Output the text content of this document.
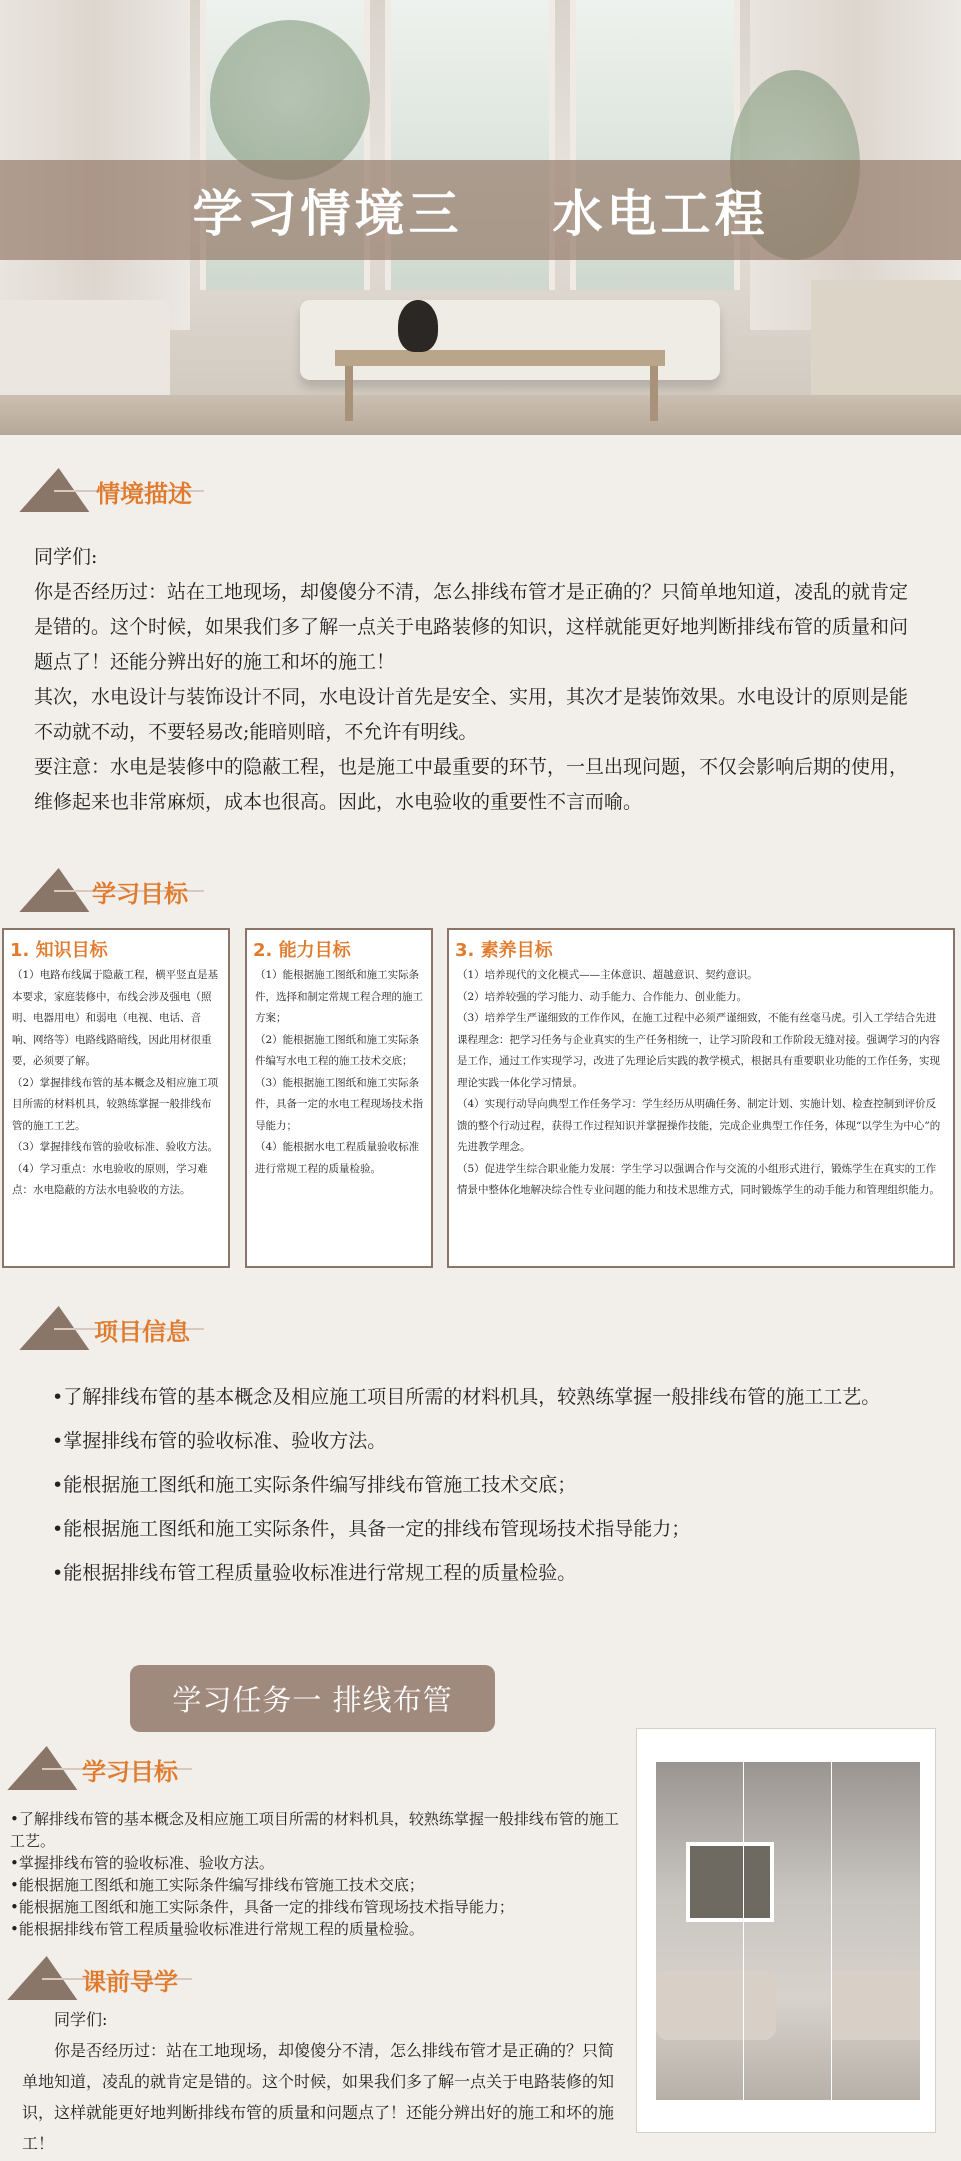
学习情境三 水电工程
情境描述

同学们:

你是否经历过：站在工地现场，却傻傻分不清，怎么排线布管才是正确的？只简单地知道，凌乱的就肯定是错的。这个时候，如果我们多了解一点关于电路装修的知识，这样就能更好地判断排线布管的质量和问题点了！还能分辨出好的施工和坏的施工！

其次，水电设计与装饰设计不同，水电设计首先是安全、实用，其次才是装饰效果。水电设计的原则是能不动就不动，不要轻易改;能暗则暗，不允许有明线。

要注意：水电是装修中的隐蔽工程，也是施工中最重要的环节，一旦出现问题，不仅会影响后期的使用，维修起来也非常麻烦，成本也很高。因此，水电验收的重要性不言而喻。

学习目标
1. 知识目标

（1）电路布线属于隐蔽工程，横平竖直是基本要求，家庭装修中，布线会涉及强电（照明、电器用电）和弱电（电视、电话、音响、网络等）电路线路暗线，因此用材很重要，必须要了解。

（2）掌握排线布管的基本概念及相应施工项目所需的材料机具，较熟练掌握一般排线布管的施工工艺。

（3）掌握排线布管的验收标准、验收方法。

（4）学习重点：水电验收的原则，学习难点：水电隐蔽的方法水电验收的方法。

2. 能力目标

（1）能根据施工图纸和施工实际条件，选择和制定常规工程合理的施工方案；

（2）能根据施工图纸和施工实际条件编写水电工程的施工技术交底；

（3）能根据施工图纸和施工实际条件，具备一定的水电工程现场技术指导能力；

（4）能根据水电工程质量验收标准进行常规工程的质量检验。

3. 素养目标

（1）培养现代的文化模式——主体意识、超越意识、契约意识。

（2）培养较强的学习能力、动手能力、合作能力、创业能力。

（3）培养学生严谨细致的工作作风，在施工过程中必须严谨细致，不能有丝毫马虎。引入工学结合先进课程理念：把学习任务与企业真实的生产任务相统一，让学习阶段和工作阶段无缝对接。强调学习的内容是工作，通过工作实现学习，改进了先理论后实践的教学模式，根据具有重要职业功能的工作任务，实现理论实践一体化学习情景。

（4）实现行动导向典型工作任务学习：学生经历从明确任务、制定计划、实施计划、检查控制到评价反馈的整个行动过程，获得工作过程知识并掌握操作技能，完成企业典型工作任务，体现“以学生为中心”的先进教学理念。

（5）促进学生综合职业能力发展：学生学习以强调合作与交流的小组形式进行，锻炼学生在真实的工作情景中整体化地解决综合性专业问题的能力和技术思维方式，同时锻炼学生的动手能力和管理组织能力。

项目信息
•了解排线布管的基本概念及相应施工项目所需的材料机具，较熟练掌握一般排线布管的施工工艺。
•掌握排线布管的验收标准、验收方法。
•能根据施工图纸和施工实际条件编写排线布管施工技术交底；
•能根据施工图纸和施工实际条件，具备一定的排线布管现场技术指导能力；
•能根据排线布管工程质量验收标准进行常规工程的质量检验。
学习任务一 排线布管
学习目标
•了解排线布管的基本概念及相应施工项目所需的材料机具，较熟练掌握一般排线布管的施工工艺。
•掌握排线布管的验收标准、验收方法。
•能根据施工图纸和施工实际条件编写排线布管施工技术交底；
•能根据施工图纸和施工实际条件，具备一定的排线布管现场技术指导能力；
•能根据排线布管工程质量验收标准进行常规工程的质量检验。
课前导学

同学们:

你是否经历过：站在工地现场，却傻傻分不清，怎么排线布管才是正确的？只简单地知道，凌乱的就肯定是错的。这个时候，如果我们多了解一点关于电路装修的知识，这样就能更好地判断排线布管的质量和问题点了！还能分辨出好的施工和坏的施工！
